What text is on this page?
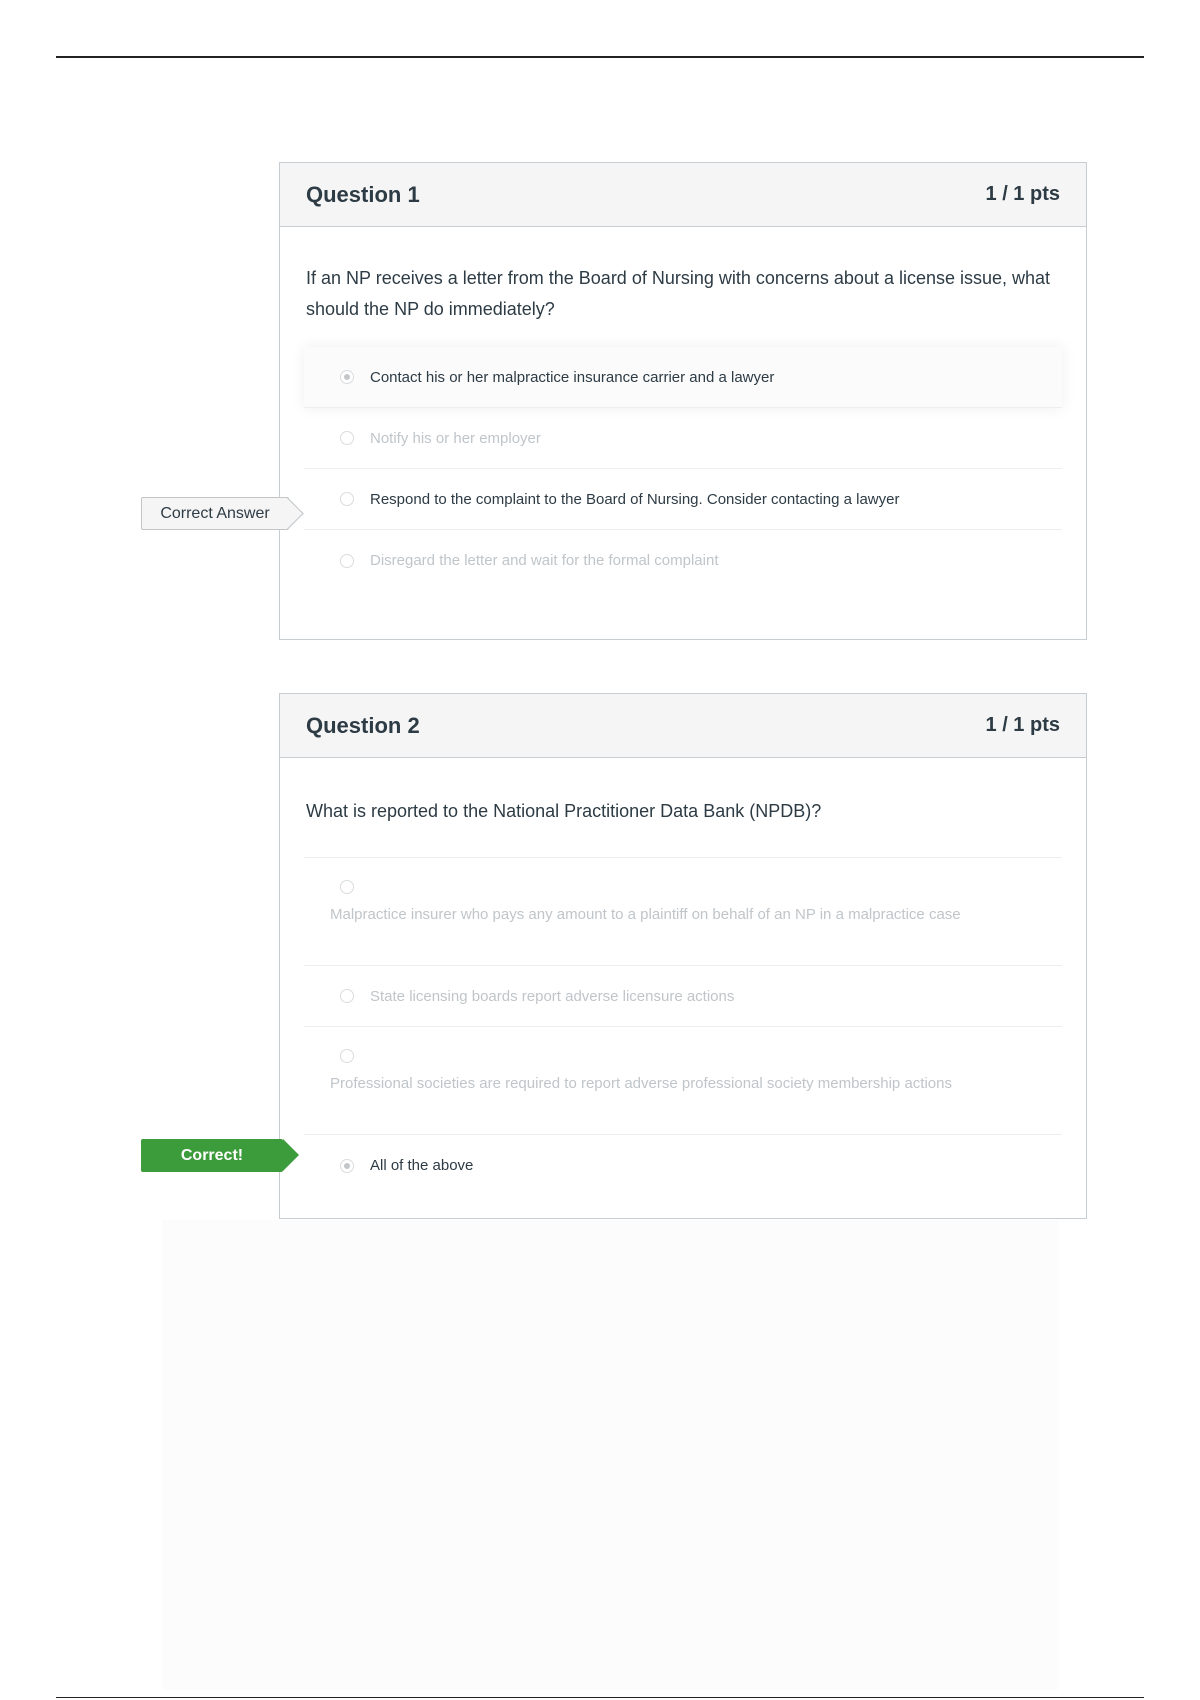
Question 1	1 / 1 pts
If an NP receives a letter from the Board of Nursing with concerns about a license issue, what should the NP do immediately?
Contact his or her malpractice insurance carrier and a lawyer
Notify his or her employer
Respond to the complaint to the Board of Nursing. Consider contacting a lawyer
Disregard the letter and wait for the formal complaint
Correct Answer
Question 2	1 / 1 pts
What is reported to the National Practitioner Data Bank (NPDB)?
Malpractice insurer who pays any amount to a plaintiff on behalf of an NP in a malpractice case
State licensing boards report adverse licensure actions
Professional societies are required to report adverse professional society membership actions
All of the above
Correct!
